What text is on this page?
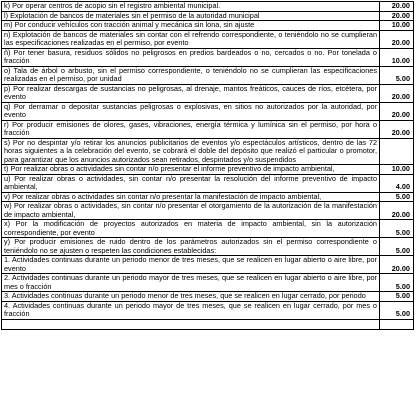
k) Por operar centros de acopio sin el registro ambiental municipal.	20.00
l) Explotación de bancos de materiales sin el permiso de la autoridad municipal	20.00
m) Por conducir vehículos con tracción animal y mecánica sin lona, sin ajuste	10.00
n) Explotación de bancos de materiales sin contar con el refrendo correspondiente, o teniéndolo no se cumplieran las especificaciones realizadas en el permiso, por evento	20.00
ñ) Por tener basura, residuos sólidos no peligrosos en predios bardeados o no, cercados o no. Por tonelada o fracción	10.00
o) Tala de árbol o arbusto, sin el permiso correspondiente, o teniéndolo no se cumplieran las especificaciones realizadas en el permiso, por unidad	5.00
p) Por realizar descargas de sustancias no peligrosas, al drenaje, mantos freáticos, cauces de ríos, etcétera, por evento	20.00
q) Por derramar o depositar sustancias peligrosas o explosivas, en sitios no autorizados por la autoridad, por evento	20.00
r) Por producir emisiones de olores, gases, vibraciones, energía térmica y lumínica sin el permiso, por hora o fracción	20.00
s) Por no despintar y/o retirar los anuncios publicitarios de eventos y/o espectáculos artísticos, dentro de las 72 horas siguientes a la celebración del evento, se cobrará el doble del depósito que realizó el particular o promotor, para garantizar que los anuncios autorizados sean retirados, despintados y/o suspendidos	
t) Por realizar obras o actividades sin contar n/o presentar el informe preventivo de impacto ambiental,	10.00
u) Por realizar obras o actividades, sin contar n/o presentar la resolución del informe preventivo de impacto ambiental,	4.00
v) Por realizar obras o actividades sin contar n/o presentar la manifestación de impacto ambiental,	5.00
w) Por realizar obras o actividades, sin contar n/o presentar el otorgamiento de la autorización de la manifestación de impacto ambiental,	20.00
x) Por la modificación de proyectos autorizados en materia de impacto ambiental, sin la autorización correspondiente, por evento	5.00
y) Por producir emisiones de ruido dentro de los parámetros autorizados sin el permiso correspondiente o teniéndolo no se ajusten o respeten las condiciones establecidas:	5.00
1. Actividades continuas durante un periodo menor de tres meses, que se realicen en lugar abierto o aire libre, por evento	20.00
2. Actividades continuas durante un periodo mayor de tres meses, que se realicen en lugar abierto o aire libre, por mes o fracción	5.00
3. Actividades continuas durante un periodo menor de tres meses, que se realicen en lugar cerrado, por periodo	5.00
4. Actividades continuas durante un periodo mayor de tres meses, que se realicen en lugar cerrado, por mes o fracción	5.00
